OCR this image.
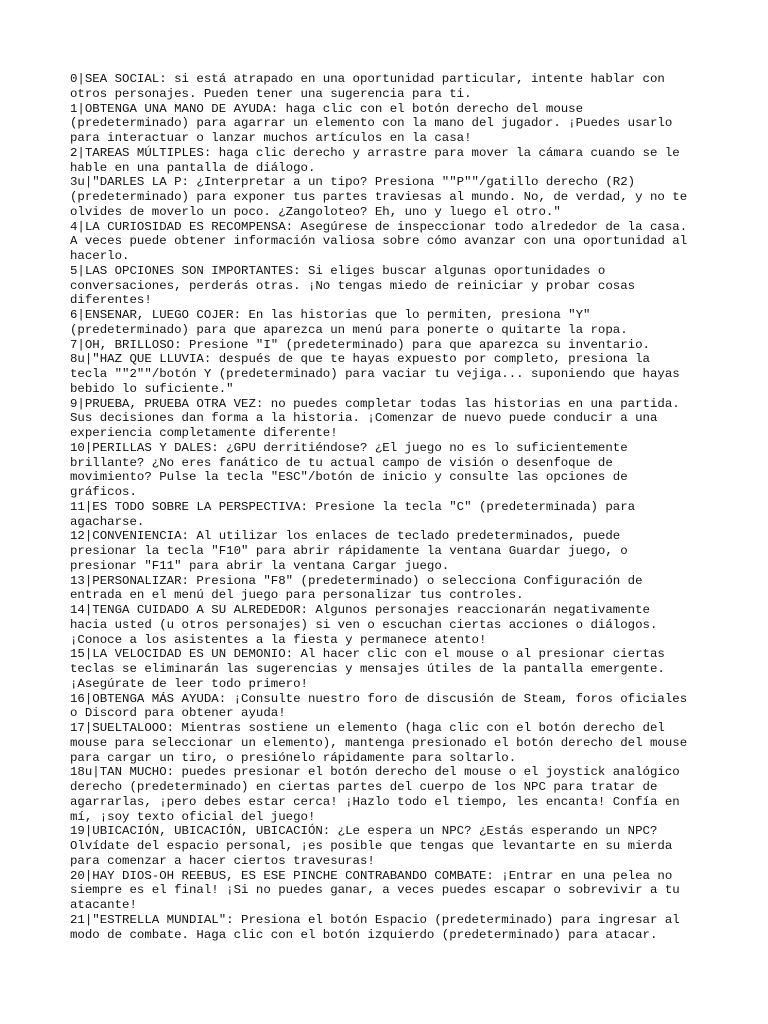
0|SEA SOCIAL: si está atrapado en una oportunidad particular, intente hablar con
otros personajes. Pueden tener una sugerencia para ti.

1|OBTENGA UNA MANO DE AYUDA: haga clic con el botón derecho del mouse
(predeterminado) para agarrar un elemento con la mano del jugador. ¡Puedes usarlo
para interactuar o lanzar muchos artículos en la casa!

2|TAREAS MÚLTIPLES: haga clic derecho y arrastre para mover la cámara cuando se le
hable en una pantalla de diálogo.

3u|"DARLES LA P: ¿Interpretar a un tipo? Presiona ""P""/gatillo derecho (R2)
(predeterminado) para exponer tus partes traviesas al mundo. No, de verdad, y no te
olvides de moverlo un poco. ¿Zangoloteo? Eh, uno y luego el otro."

4|LA CURIOSIDAD ES RECOMPENSA: Asegúrese de inspeccionar todo alrededor de la casa.
A veces puede obtener información valiosa sobre cómo avanzar con una oportunidad al
hacerlo.

5|LAS OPCIONES SON IMPORTANTES: Si eliges buscar algunas oportunidades o
conversaciones, perderás otras. ¡No tengas miedo de reiniciar y probar cosas
diferentes!

6|ENSENAR, LUEGO COJER: En las historias que lo permiten, presiona "Y"
(predeterminado) para que aparezca un menú para ponerte o quitarte la ropa.

7|OH, BRILLOSO: Presione "I" (predeterminado) para que aparezca su inventario.

8u|"HAZ QUE LLUVIA: después de que te hayas expuesto por completo, presiona la
tecla ""2""/botón Y (predeterminado) para vaciar tu vejiga... suponiendo que hayas
bebido lo suficiente."

9|PRUEBA, PRUEBA OTRA VEZ: no puedes completar todas las historias en una partida.
Sus decisiones dan forma a la historia. ¡Comenzar de nuevo puede conducir a una
experiencia completamente diferente!

10|PERILLAS Y DALES: ¿GPU derritiéndose? ¿El juego no es lo suficientemente
brillante? ¿No eres fanático de tu actual campo de visión o desenfoque de
movimiento? Pulse la tecla "ESC"/botón de inicio y consulte las opciones de
gráficos.

11|ES TODO SOBRE LA PERSPECTIVA: Presione la tecla "C" (predeterminada) para
agacharse.

12|CONVENIENCIA: Al utilizar los enlaces de teclado predeterminados, puede
presionar la tecla "F10" para abrir rápidamente la ventana Guardar juego, o
presionar "F11" para abrir la ventana Cargar juego.

13|PERSONALIZAR: Presiona "F8" (predeterminado) o selecciona Configuración de
entrada en el menú del juego para personalizar tus controles.

14|TENGA CUIDADO A SU ALREDEDOR: Algunos personajes reaccionarán negativamente
hacia usted (u otros personajes) si ven o escuchan ciertas acciones o diálogos.
¡Conoce a los asistentes a la fiesta y permanece atento!

15|LA VELOCIDAD ES UN DEMONIO: Al hacer clic con el mouse o al presionar ciertas
teclas se eliminarán las sugerencias y mensajes útiles de la pantalla emergente.
¡Asegúrate de leer todo primero!

16|OBTENGA MÁS AYUDA: ¡Consulte nuestro foro de discusión de Steam, foros oficiales
o Discord para obtener ayuda!

17|SUELTALOOO: Mientras sostiene un elemento (haga clic con el botón derecho del
mouse para seleccionar un elemento), mantenga presionado el botón derecho del mouse
para cargar un tiro, o presiónelo rápidamente para soltarlo.

18u|TAN MUCHO: puedes presionar el botón derecho del mouse o el joystick analógico
derecho (predeterminado) en ciertas partes del cuerpo de los NPC para tratar de
agarrarlas, ¡pero debes estar cerca! ¡Hazlo todo el tiempo, les encanta! Confía en
mí, ¡soy texto oficial del juego!

19|UBICACIÓN, UBICACIÓN, UBICACIÓN: ¿Le espera un NPC? ¿Estás esperando un NPC?
Olvídate del espacio personal, ¡es posible que tengas que levantarte en su mierda
para comenzar a hacer ciertos travesuras!

20|HAY DIOS-OH REEBUS, ES ESE PINCHE CONTRABANDO COMBATE: ¡Entrar en una pelea no
siempre es el final! ¡Si no puedes ganar, a veces puedes escapar o sobrevivir a tu
atacante!

21|"ESTRELLA MUNDIAL": Presiona el botón Espacio (predeterminado) para ingresar al
modo de combate. Haga clic con el botón izquierdo (predeterminado) para atacar.
